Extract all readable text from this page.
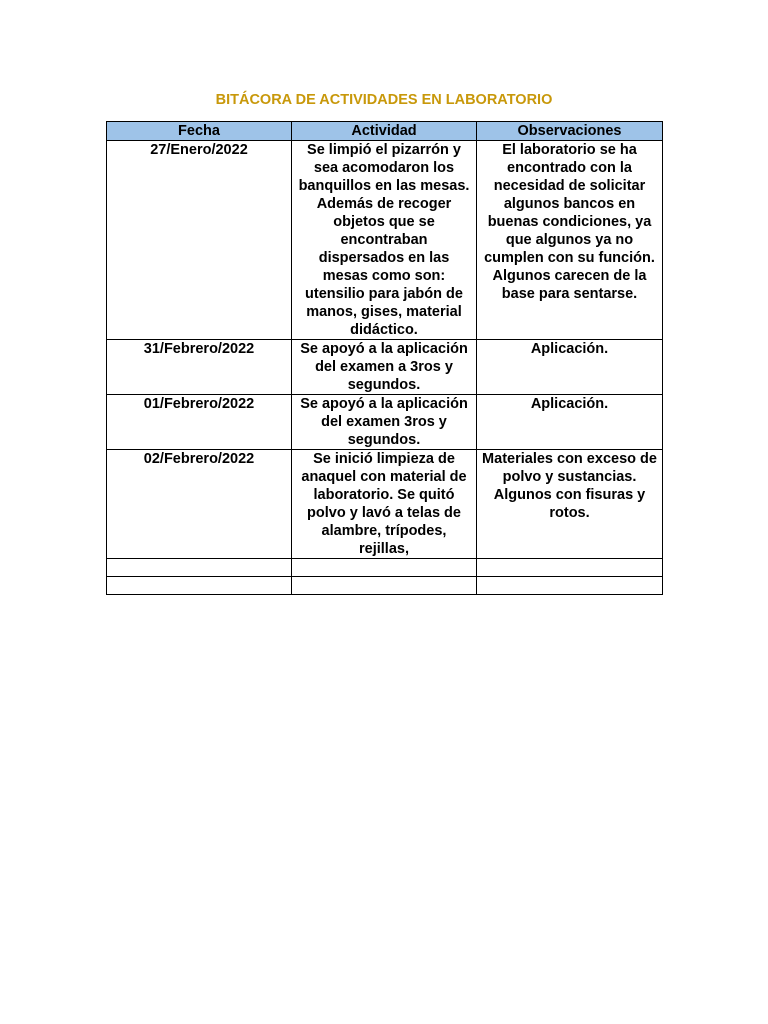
BITÁCORA DE ACTIVIDADES EN LABORATORIO
Fecha	Actividad	Observaciones
27/Enero/2022	Se limpió el pizarrón y sea acomodaron los banquillos en las mesas. Además de recoger objetos que se encontraban dispersados en las mesas como son: utensilio para jabón de manos, gises, material didáctico.	El laboratorio se ha encontrado con la necesidad de solicitar algunos bancos en buenas condiciones, ya que algunos ya no cumplen con su función. Algunos carecen de la base para sentarse.
31/Febrero/2022	Se apoyó a la aplicación del examen a 3ros y segundos.	Aplicación.
01/Febrero/2022	Se apoyó a la aplicación del examen 3ros y segundos.	Aplicación.
02/Febrero/2022	Se inició limpieza de anaquel con material de laboratorio. Se quitó polvo y lavó a telas de alambre, trípodes, rejillas,	Materiales con exceso de polvo y sustancias. Algunos con fisuras y rotos.
